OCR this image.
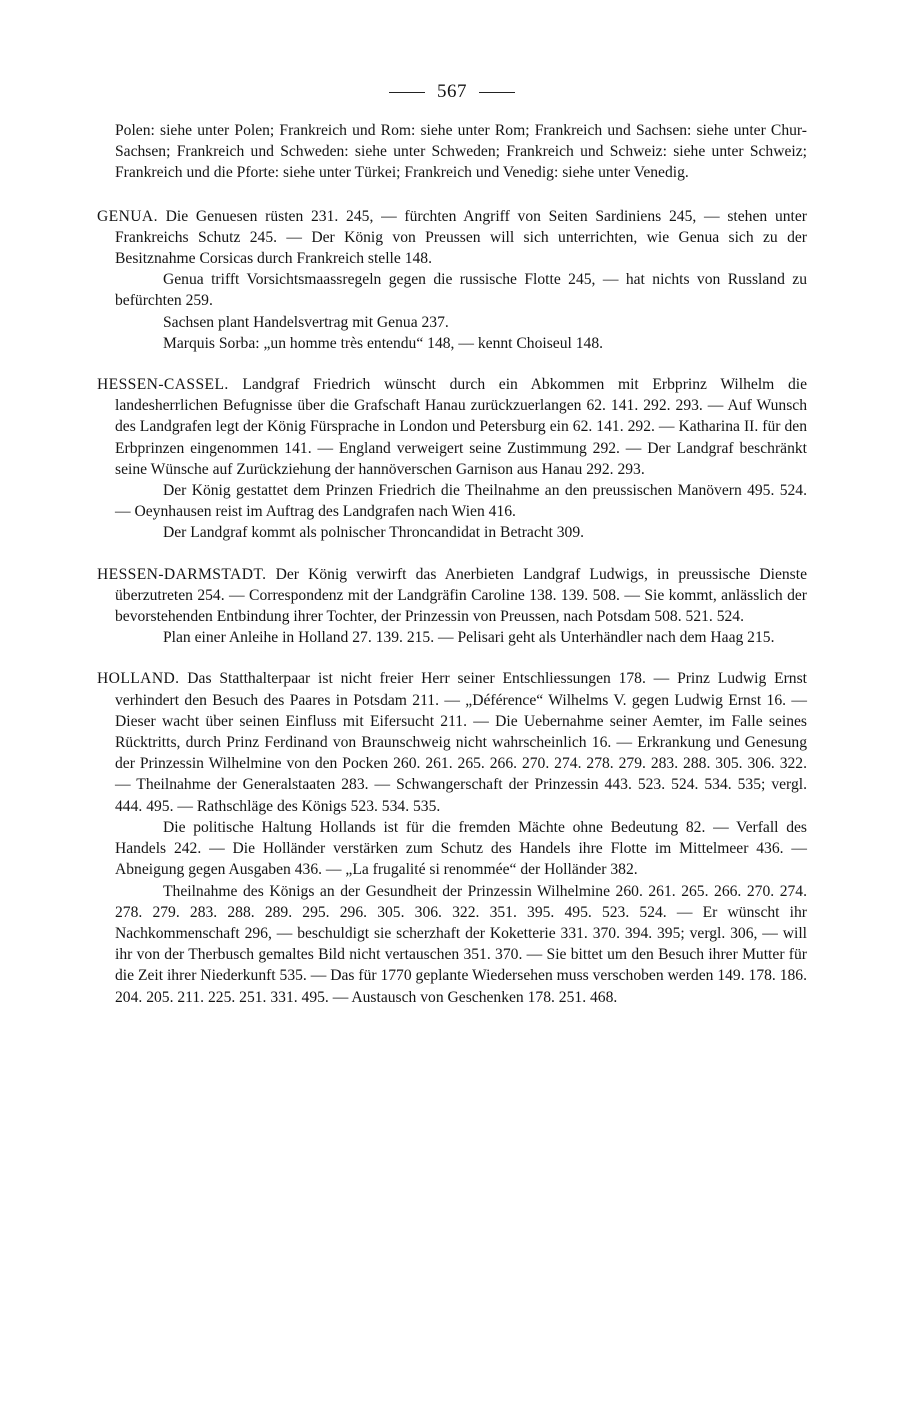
567

Polen: siehe unter Polen; Frankreich und Rom: siehe unter Rom; Frankreich und Sachsen: siehe unter Chur-Sachsen; Frankreich und Schweden: siehe unter Schweden; Frankreich und Schweiz: siehe unter Schweiz; Frankreich und die Pforte: siehe unter Türkei; Frankreich und Venedig: siehe unter Venedig.

GENUA. Die Genuesen rüsten 231. 245, — fürchten Angriff von Seiten Sardiniens 245, — stehen unter Frankreichs Schutz 245. — Der König von Preussen will sich unterrichten, wie Genua sich zu der Besitznahme Corsicas durch Frankreich stelle 148.

Genua trifft Vorsichtsmaassregeln gegen die russische Flotte 245, — hat nichts von Russland zu befürchten 259.

Sachsen plant Handelsvertrag mit Genua 237.

Marquis Sorba: „un homme très entendu“ 148, — kennt Choiseul 148.

HESSEN-CASSEL. Landgraf Friedrich wünscht durch ein Abkommen mit Erbprinz Wilhelm die landesherrlichen Befugnisse über die Grafschaft Hanau zurückzuerlangen 62. 141. 292. 293. — Auf Wunsch des Landgrafen legt der König Fürsprache in London und Petersburg ein 62. 141. 292. — Katharina II. für den Erbprinzen eingenommen 141. — England verweigert seine Zustimmung 292. — Der Landgraf beschränkt seine Wünsche auf Zurückziehung der hannöverschen Garnison aus Hanau 292. 293.

Der König gestattet dem Prinzen Friedrich die Theilnahme an den preussischen Manövern 495. 524. — Oeynhausen reist im Auftrag des Landgrafen nach Wien 416.

Der Landgraf kommt als polnischer Throncandidat in Betracht 309.

HESSEN-DARMSTADT. Der König verwirft das Anerbieten Landgraf Ludwigs, in preussische Dienste überzutreten 254. — Correspondenz mit der Landgräfin Caroline 138. 139. 508. — Sie kommt, anlässlich der bevorstehenden Entbindung ihrer Tochter, der Prinzessin von Preussen, nach Potsdam 508. 521. 524.

Plan einer Anleihe in Holland 27. 139. 215. — Pelisari geht als Unterhändler nach dem Haag 215.

HOLLAND. Das Statthalterpaar ist nicht freier Herr seiner Entschliessungen 178. — Prinz Ludwig Ernst verhindert den Besuch des Paares in Potsdam 211. — „Déférence“ Wilhelms V. gegen Ludwig Ernst 16. — Dieser wacht über seinen Einfluss mit Eifersucht 211. — Die Uebernahme seiner Aemter, im Falle seines Rücktritts, durch Prinz Ferdinand von Braunschweig nicht wahrscheinlich 16. — Erkrankung und Genesung der Prinzessin Wilhelmine von den Pocken 260. 261. 265. 266. 270. 274. 278. 279. 283. 288. 305. 306. 322. — Theilnahme der Generalstaaten 283. — Schwangerschaft der Prinzessin 443. 523. 524. 534. 535; vergl. 444. 495. — Rathschläge des Königs 523. 534. 535.

Die politische Haltung Hollands ist für die fremden Mächte ohne Bedeutung 82. — Verfall des Handels 242. — Die Holländer verstärken zum Schutz des Handels ihre Flotte im Mittelmeer 436. — Abneigung gegen Ausgaben 436. — „La frugalité si renommée“ der Holländer 382.

Theilnahme des Königs an der Gesundheit der Prinzessin Wilhelmine 260. 261. 265. 266. 270. 274. 278. 279. 283. 288. 289. 295. 296. 305. 306. 322. 351. 395. 495. 523. 524. — Er wünscht ihr Nachkommenschaft 296, — beschuldigt sie scherzhaft der Koketterie 331. 370. 394. 395; vergl. 306, — will ihr von der Therbusch gemaltes Bild nicht vertauschen 351. 370. — Sie bittet um den Besuch ihrer Mutter für die Zeit ihrer Niederkunft 535. — Das für 1770 geplante Wiedersehen muss verschoben werden 149. 178. 186. 204. 205. 211. 225. 251. 331. 495. — Austausch von Geschenken 178. 251. 468.
